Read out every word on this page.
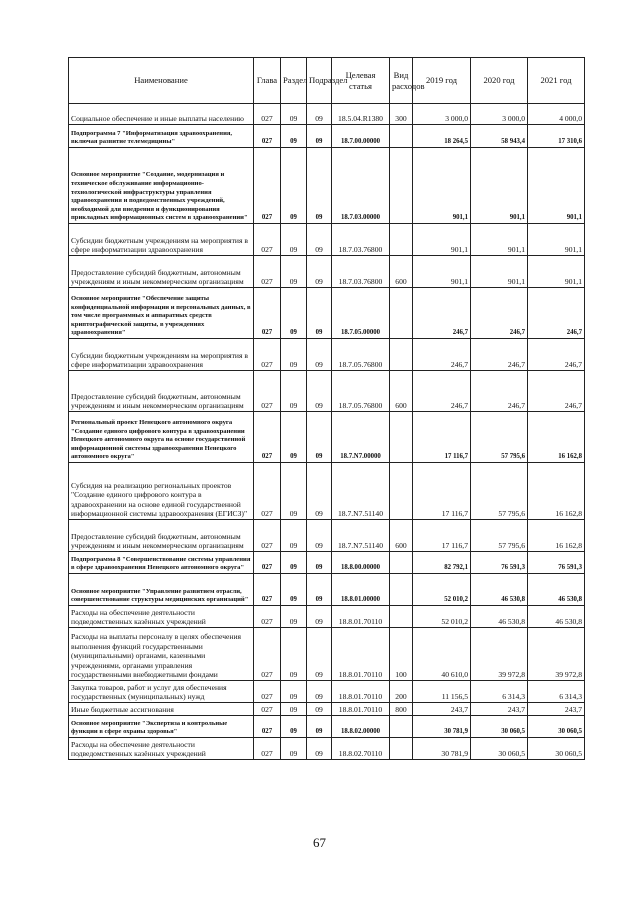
Наименование	Глава	Раздел	Подраздел	Целевая статья	Вид расходов	2019 год	2020 год	2021 год
Социальное обеспечение и иные выплаты населению	027	09	09	18.5.04.R1380	300	3 000,0	3 000,0	4 000,0
Подпрограмма 7 "Информатизация здравоохранения, включая развитие телемедицины"	027	09	09	18.7.00.00000		18 264,5	58 943,4	17 310,6
Основное мероприятие "Создание, модернизация и техническое обслуживание информационно-технологической инфраструктуры управления здравоохранения и подведомственных учреждений, необходимой для внедрения и функционирования прикладных информационных систем в здравоохранении"	027	09	09	18.7.03.00000		901,1	901,1	901,1
Субсидии бюджетным учреждениям на мероприятия в сфере информатизации здравоохранения	027	09	09	18.7.03.76800		901,1	901,1	901,1
Предоставление субсидий бюджетным, автономным учреждениям и иным некоммерческим организациям	027	09	09	18.7.03.76800	600	901,1	901,1	901,1
Основное мероприятие "Обеспечение защиты конфиденциальной информации и персональных данных, в том числе программных и аппаратных средств криптографической защиты, в учреждениях здравоохранения"	027	09	09	18.7.05.00000		246,7	246,7	246,7
Субсидии бюджетным учреждениям на мероприятия в сфере информатизации здравоохранения	027	09	09	18.7.05.76800		246,7	246,7	246,7
Предоставление субсидий бюджетным, автономным учреждениям и иным некоммерческим организациям	027	09	09	18.7.05.76800	600	246,7	246,7	246,7
Региональный проект Ненецкого автономного округа "Создание единого цифрового контура в здравоохранении Ненецкого автономного округа на основе государственной информационной системы здравоохранения Ненецкого автономного округа"	027	09	09	18.7.N7.00000		17 116,7	57 795,6	16 162,8
Субсидия на реализацию региональных проектов "Создание единого цифрового контура в здравоохранении на основе единой государственной информационной системы здравоохранения (ЕГИСЗ)"	027	09	09	18.7.N7.51140		17 116,7	57 795,6	16 162,8
Предоставление субсидий бюджетным, автономным учреждениям и иным некоммерческим организациям	027	09	09	18.7.N7.51140	600	17 116,7	57 795,6	16 162,8
Подпрограмма 8 "Совершенствование системы управления в сфере здравоохранения Ненецкого автономного округа"	027	09	09	18.8.00.00000		82 792,1	76 591,3	76 591,3
Основное мероприятие "Управление развитием отрасли, совершенствование структуры медицинских организаций"	027	09	09	18.8.01.00000		52 010,2	46 530,8	46 530,8
Расходы на обеспечение деятельности подведомственных казённых учреждений	027	09	09	18.8.01.70110		52 010,2	46 530,8	46 530,8
Расходы на выплаты персоналу в целях обеспечения выполнения функций государственными (муниципальными) органами, казенными учреждениями, органами управления государственными внебюджетными фондами	027	09	09	18.8.01.70110	100	40 610,0	39 972,8	39 972,8
Закупка товаров, работ и услуг для обеспечения государственных (муниципальных) нужд	027	09	09	18.8.01.70110	200	11 156,5	6 314,3	6 314,3
Иные бюджетные ассигнования	027	09	09	18.8.01.70110	800	243,7	243,7	243,7
Основное мероприятие "Экспертиза и контрольные функции в сфере охраны здоровья"	027	09	09	18.8.02.00000		30 781,9	30 060,5	30 060,5
Расходы на обеспечение деятельности подведомственных казённых учреждений	027	09	09	18.8.02.70110		30 781,9	30 060,5	30 060,5
67
